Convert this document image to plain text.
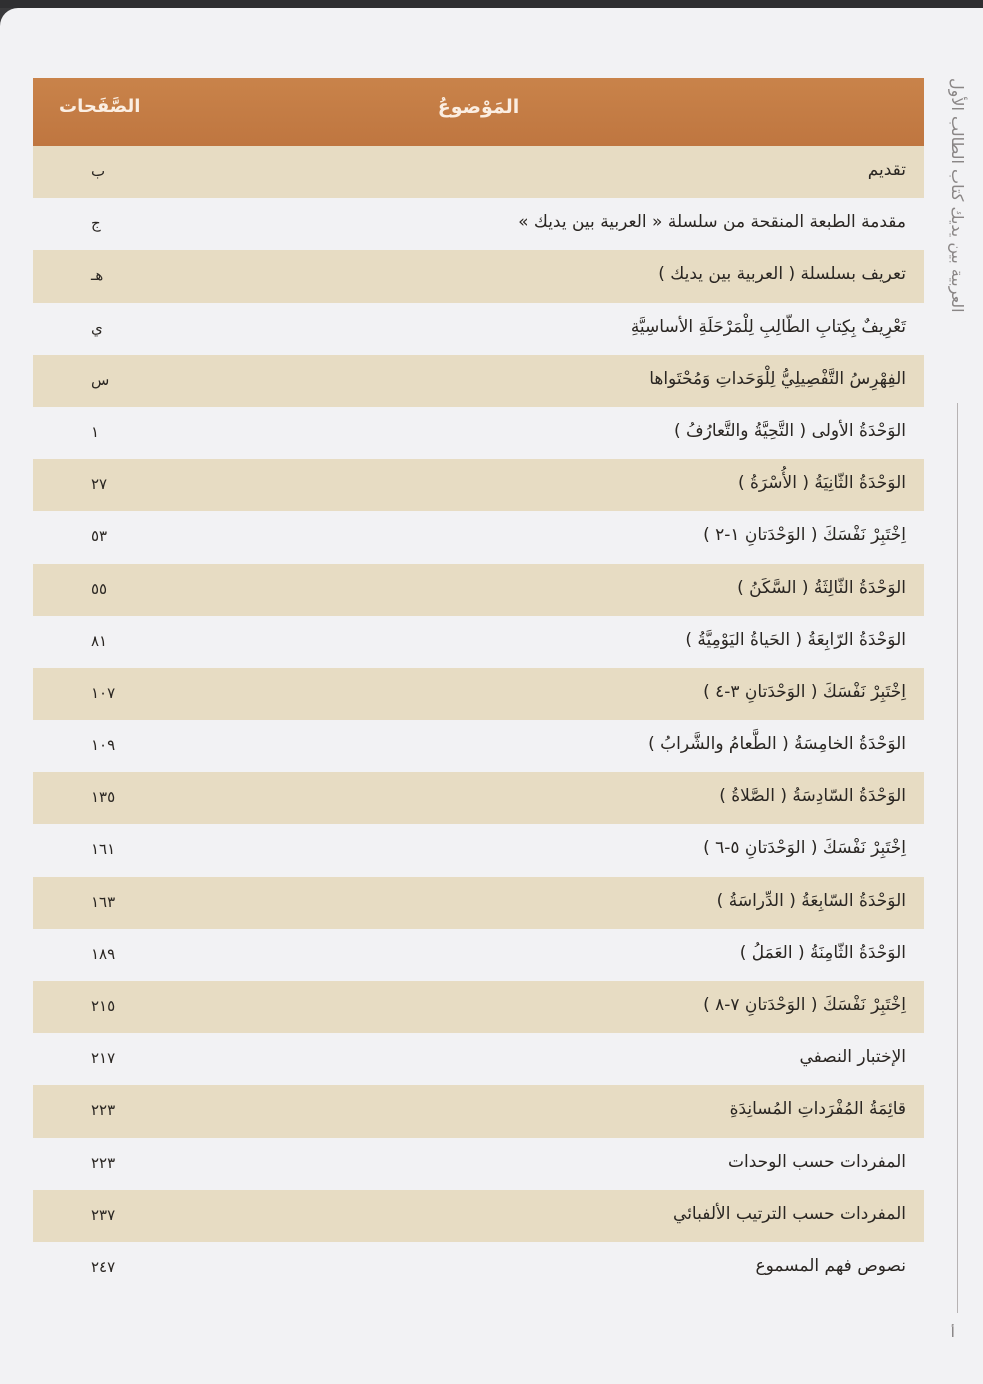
المَوْضوعُ
الصَّفَحات
تقديم
ب
مقدمة الطبعة المنقحة من سلسلة « العربية بين يديك »
ج
تعريف بسلسلة ( العربية بين يديك )
هـ
تَعْرِيفٌ بِكِتابِ الطّالِبِ لِلْمَرْحَلَةِ الأساسِيَّةِ
ي
الفِهْرِسُ التَّفْصِيلِيُّ لِلْوَحَداتِ وَمُحْتَواها
س
الوَحْدَةُ الأولى ( التَّحِيَّةُ والتَّعارُفُ )
١
الوَحْدَةُ الثّانِيَةُ ( الأُسْرَةُ )
٢٧
اِخْتَبِرْ نَفْسَكَ ( الوَحْدَتانِ ١-٢ )
٥٣
الوَحْدَةُ الثّالِثَةُ ( السَّكَنُ )
٥٥
الوَحْدَةُ الرّابِعَةُ ( الحَياةُ اليَوْمِيَّةُ )
٨١
اِخْتَبِرْ نَفْسَكَ ( الوَحْدَتانِ ٣-٤ )
١٠٧
الوَحْدَةُ الخامِسَةُ ( الطَّعامُ والشَّرابُ )
١٠٩
الوَحْدَةُ السّادِسَةُ ( الصَّلاةُ )
١٣٥
اِخْتَبِرْ نَفْسَكَ ( الوَحْدَتانِ ٥-٦ )
١٦١
الوَحْدَةُ السّابِعَةُ ( الدِّراسَةُ )
١٦٣
الوَحْدَةُ الثّامِنَةُ ( العَمَلُ )
١٨٩
اِخْتَبِرْ نَفْسَكَ ( الوَحْدَتانِ ٧-٨ )
٢١٥
الإختبار النصفي
٢١٧
قائِمَةُ المُفْرَداتِ المُسانِدَةِ
٢٢٣
المفردات حسب الوحدات
٢٢٣
المفردات حسب الترتيب الألفبائي
٢٣٧
نصوص فهم المسموع
٢٤٧
العربية بين يديك كتاب الطالب الأول
أ
